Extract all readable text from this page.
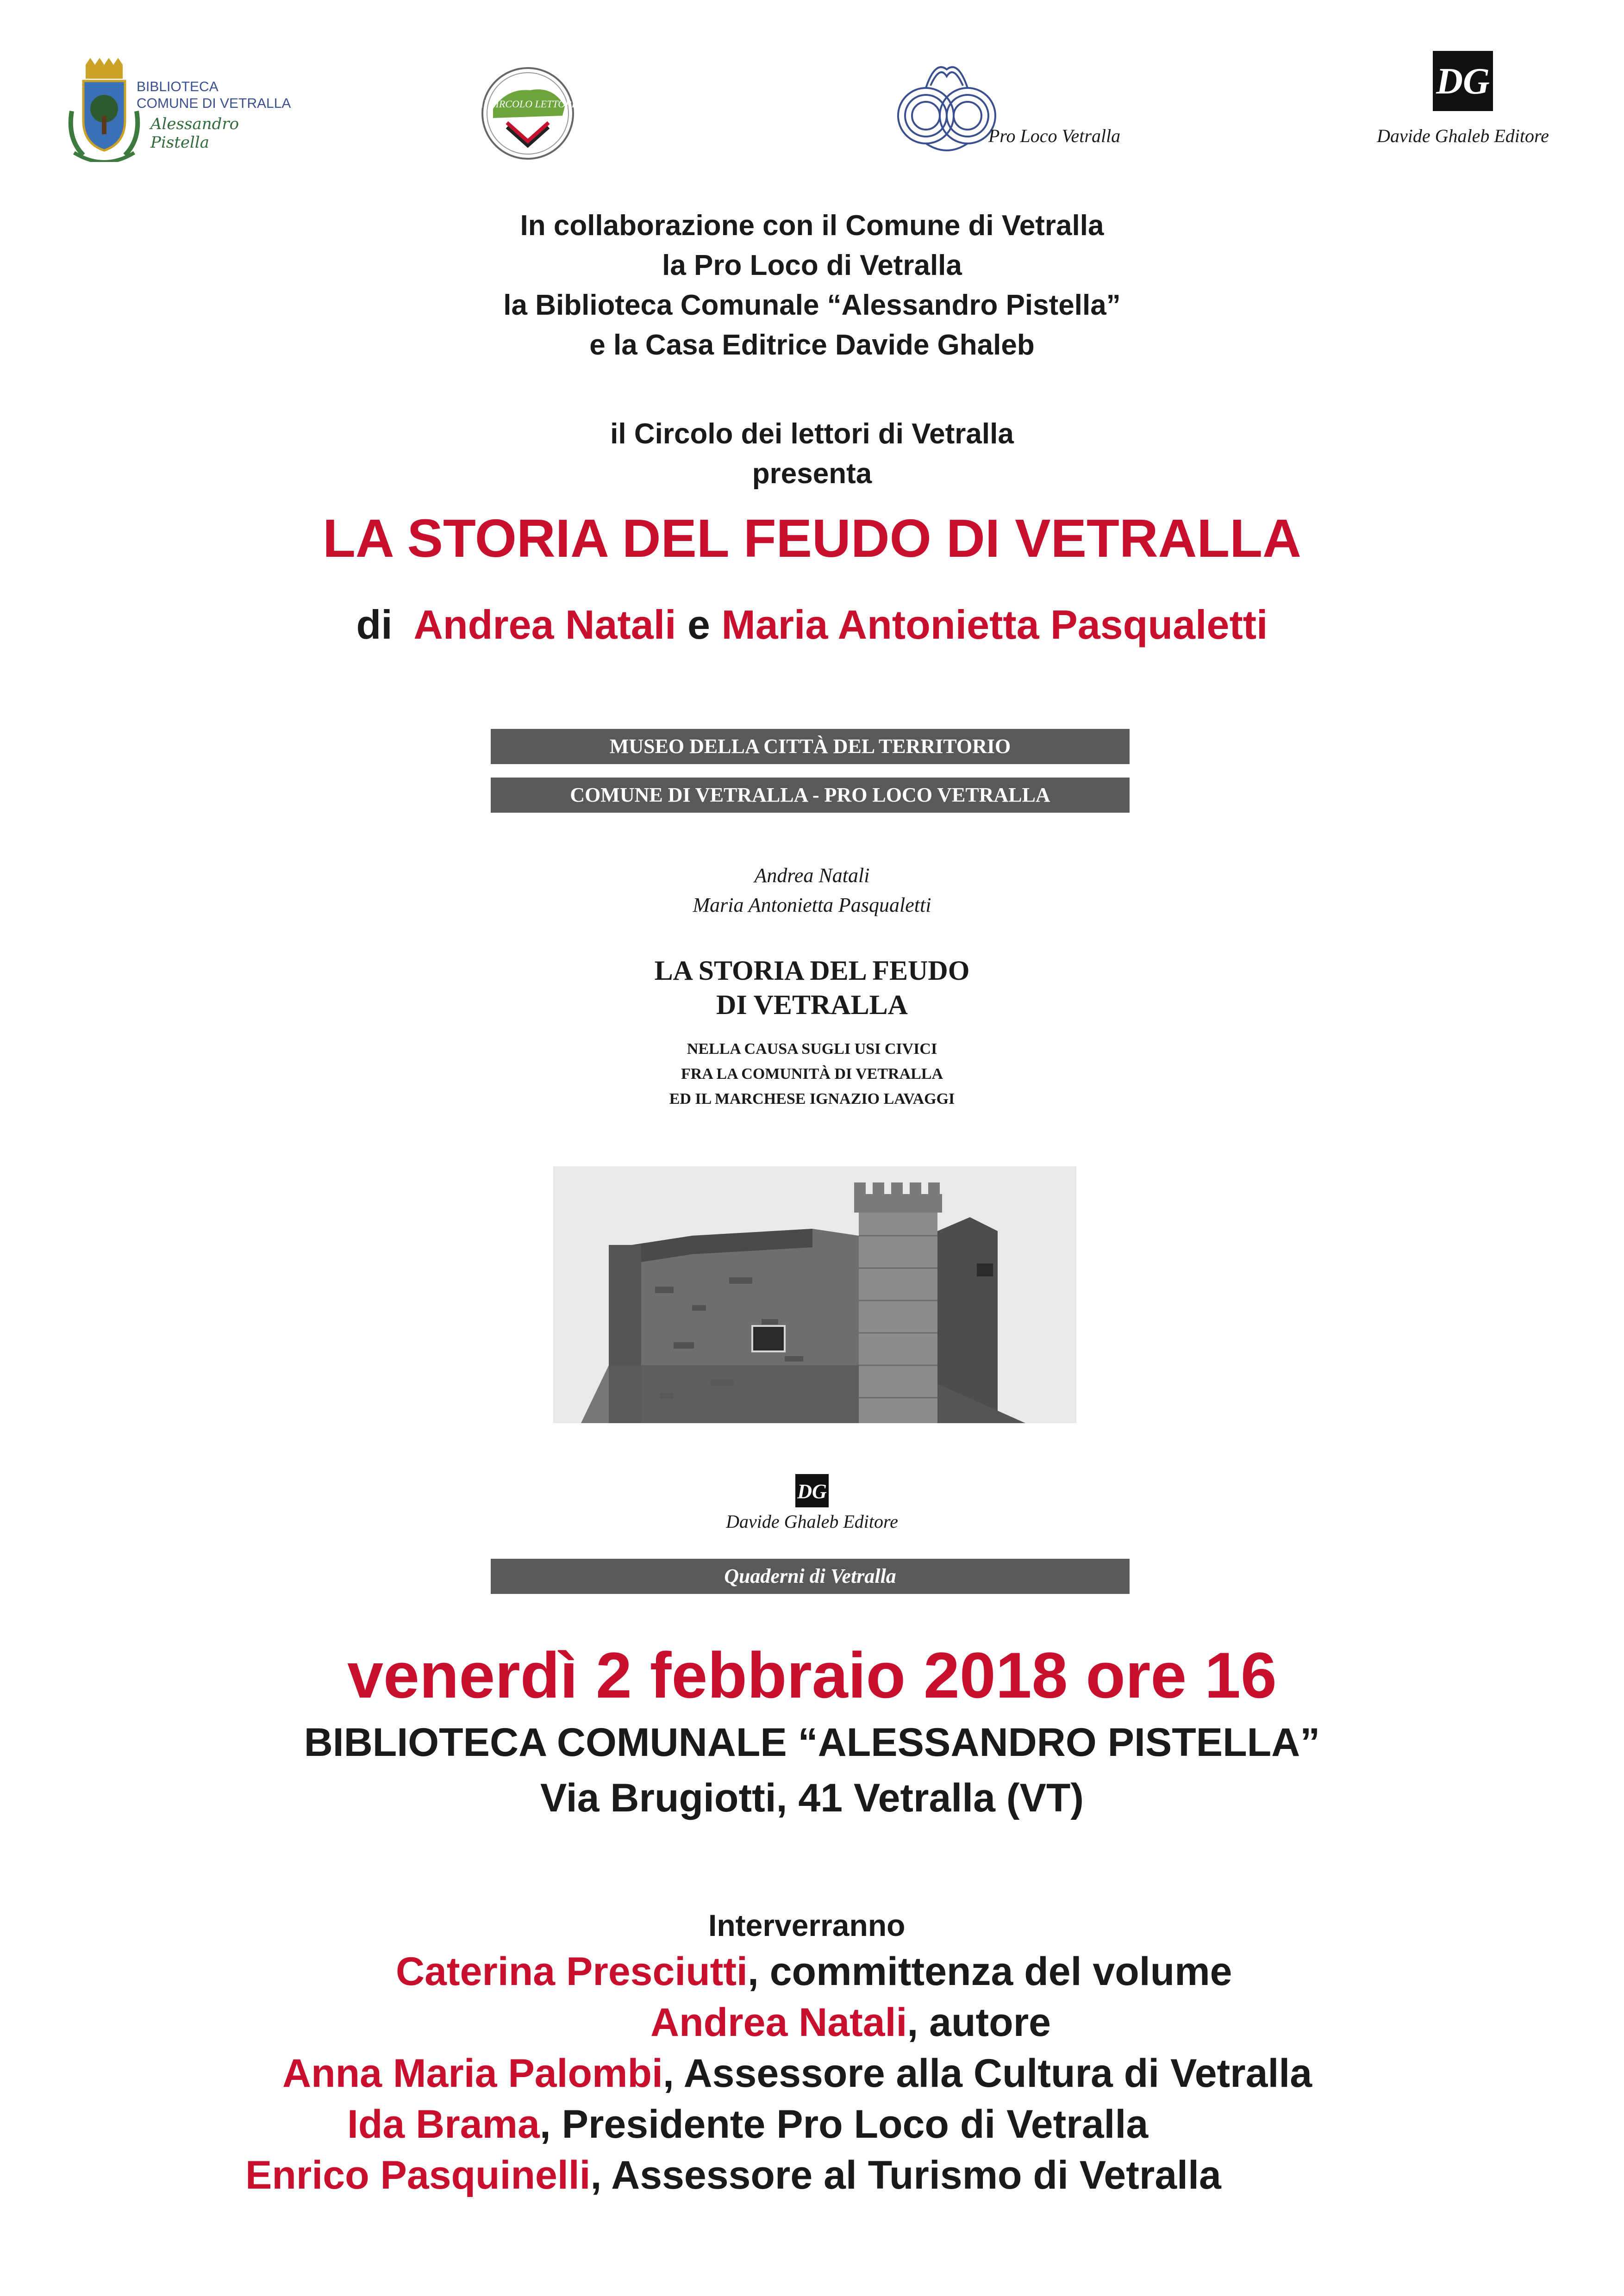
BIBLIOTECA
COMUNE DI VETRALLA
Alessandro Pistella
il CIRCOLO LETTORI
Pro Loco Vetralla
DG
Davide Ghaleb Editore
In collaborazione con il Comune di Vetralla
la Pro Loco di Vetralla
la Biblioteca Comunale “Alessandro Pistella”
e la Casa Editrice Davide Ghaleb
il Circolo dei lettori di Vetralla
presenta
LA STORIA DEL FEUDO DI VETRALLA
di Andrea Natali e Maria Antonietta Pasqualetti
MUSEO DELLA CITTÀ DEL TERRITORIO
COMUNE DI VETRALLA - PRO LOCO VETRALLA
Andrea Natali
Maria Antonietta Pasqualetti
LA STORIA DEL FEUDO
DI VETRALLA
NELLA CAUSA SUGLI USI CIVICI
FRA LA COMUNITÀ DI VETRALLA
ED IL MARCHESE IGNAZIO LAVAGGI
DG
Davide Ghaleb Editore
Quaderni di Vetralla
venerdì 2 febbraio 2018 ore 16
BIBLIOTECA COMUNALE “ALESSANDRO PISTELLA”
Via Brugiotti, 41 Vetralla (VT)
Interverranno
Caterina Presciutti, committenza del volume
Andrea Natali, autore
Anna Maria Palombi, Assessore alla Cultura di Vetralla
Ida Brama, Presidente Pro Loco di Vetralla
Enrico Pasquinelli, Assessore al Turismo di Vetralla
